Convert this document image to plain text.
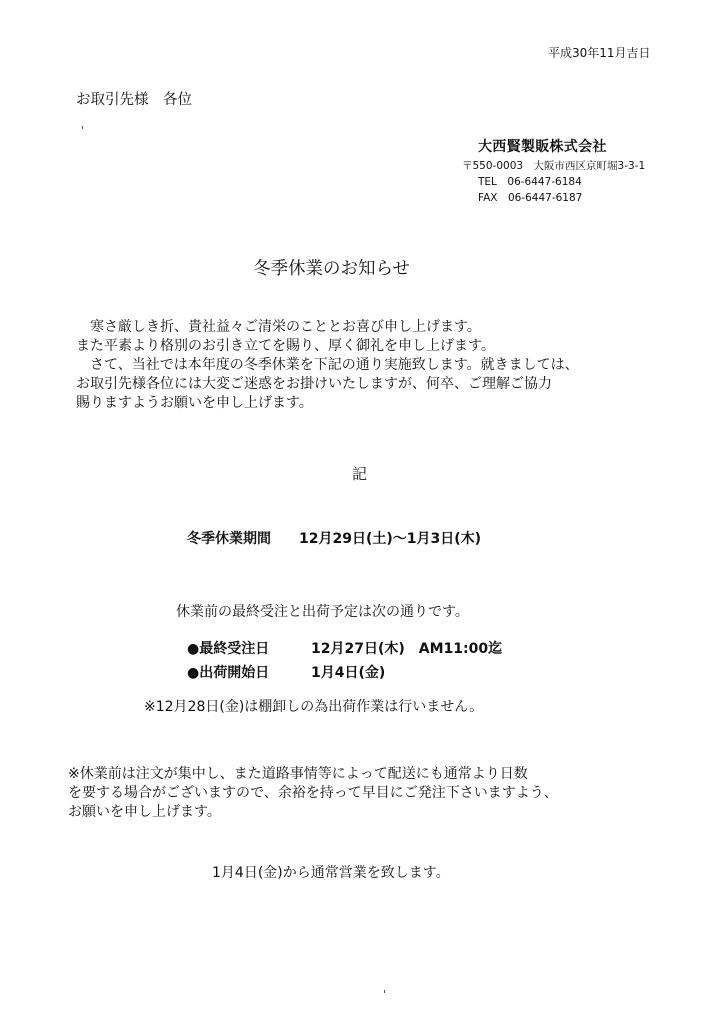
平成30年11月吉日
お取引先様　各位
大西賢製販株式会社
〒550-0003　大阪市西区京町堀3-3-1
TEL　06-6447-6184
FAX　06-6447-6187
冬季休業のお知らせ
　寒さ厳しき折、貴社益々ご清栄のこととお喜び申し上げます。
また平素より格別のお引き立てを賜り、厚く御礼を申し上げます。
　さて、当社では本年度の冬季休業を下記の通り実施致します。就きましては、
お取引先様各位には大変ご迷惑をお掛けいたしますが、何卒、ご理解ご協力
賜りますようお願いを申し上げます。
記
冬季休業期間 12月29日(土)～1月3日(木)
休業前の最終受注と出荷予定は次の通りです。
●最終受注日	12月27日(木)　AM11:00迄
●出荷開始日	1月4日(金)
※12月28日(金)は棚卸しの為出荷作業は行いません。
※休業前は注文が集中し、また道路事情等によって配送にも通常より日数
を要する場合がございますので、余裕を持って早目にご発注下さいますよう、
お願いを申し上げます。
1月4日(金)から通常営業を致します。
